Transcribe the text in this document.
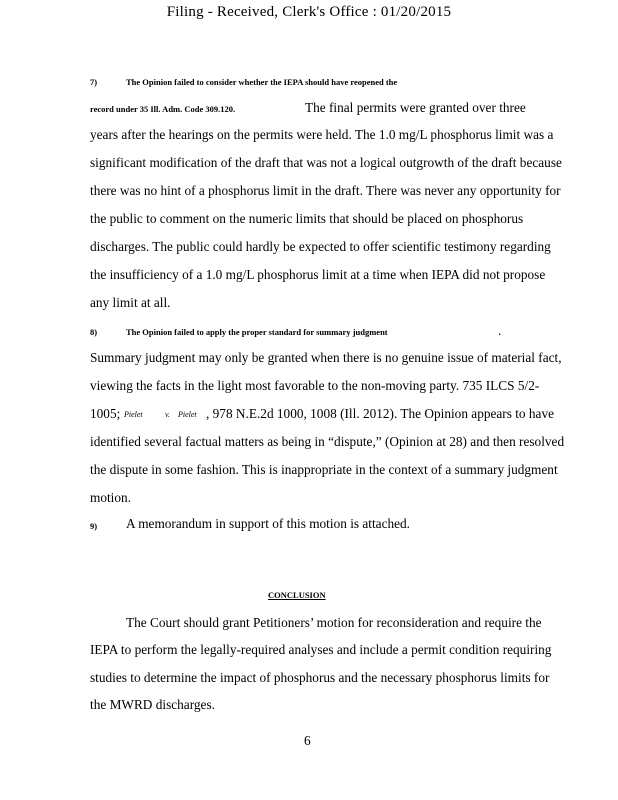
Filing - Received, Clerk's Office : 01/20/2015
7)	The Opinion failed to consider whether the IEPA should have reopened the
record under 35 Ill. Adm. Code 309.120.	The final permits were granted over three
years after the hearings on the permits were held. The 1.0 mg/L phosphorus limit was a
significant modification of the draft that was not a logical outgrowth of the draft because
there was no hint of a phosphorus limit in the draft. There was never any opportunity for
the public to comment on the numeric limits that should be placed on phosphorus
discharges. The public could hardly be expected to offer scientific testimony regarding
the insufficiency of a 1.0 mg/L phosphorus limit at a time when IEPA did not propose
any limit at all.
8)	The Opinion failed to apply the proper standard for summary judgment	.
Summary judgment may only be granted when there is no genuine issue of material fact,
viewing the facts in the light most favorable to the non-moving party. 735 ILCS 5/2-
1005; Pielet	v. Pielet , 978 N.E.2d 1000, 1008 (Ill. 2012). The Opinion appears to have
identified several factual matters as being in “dispute,” (Opinion at 28) and then resolved
the dispute in some fashion. This is inappropriate in the context of a summary judgment
motion.
9) A memorandum in support of this motion is attached.
CONCLUSION
The Court should grant Petitioners’ motion for reconsideration and require the
IEPA to perform the legally-required analyses and include a permit condition requiring
studies to determine the impact of phosphorus and the necessary phosphorus limits for
the MWRD discharges.
6
